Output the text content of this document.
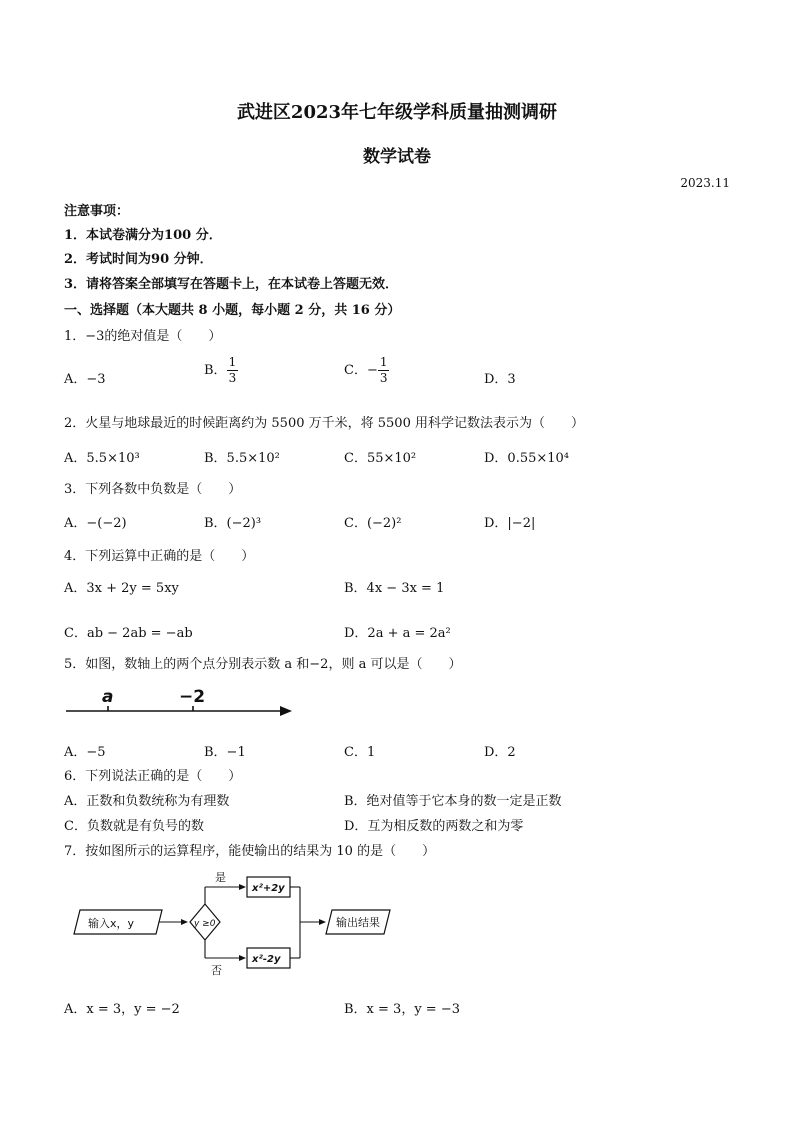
武进区2023年七年级学科质量抽测调研
数学试卷
2023.11
注意事项：
1．本试卷满分为100 分．
2．考试时间为90 分钟．
3．请将答案全部填写在答题卡上，在本试卷上答题无效．
一、选择题（本大题共 8 小题，每小题 2 分，共 16 分）
1．−3的绝对值是（　　）
A．−3
B． $\frac{1}{3}$	C．− $\frac{1}{3}$	D．3
2．火星与地球最近的时候距离约为 5500 万千米，将 5500 用科学记数法表示为（　　）
A．5.5×10³	B．5.5×10²	C．55×10²	D．0.55×10⁴
3．下列各数中负数是（　　）
A．−(−2)	B．(−2)³	C．(−2)²	D．|−2|
4．下列运算中正确的是（　　）
A．3x + 2y = 5xy	B．4x − 3x = 1
C．ab − 2ab = −ab	D．2a + a = 2a²
5．如图，数轴上的两个点分别表示数 a 和−2，则 a 可以是（　　）
a	−2
A．−5	B．−1	C．1	D．2
6．下列说法正确的是（　　）
A．正数和负数统称为有理数	B．绝对值等于它本身的数一定是正数
C．负数就是有负号的数	D．互为相反数的两数之和为零
7．按如图所示的运算程序，能使输出的结果为 10 的是（　　）
输入x，y	y ≥0
是
x²+2y
否
x²-2y
输出结果
A．x = 3，y = −2	B．x = 3，y = −3
